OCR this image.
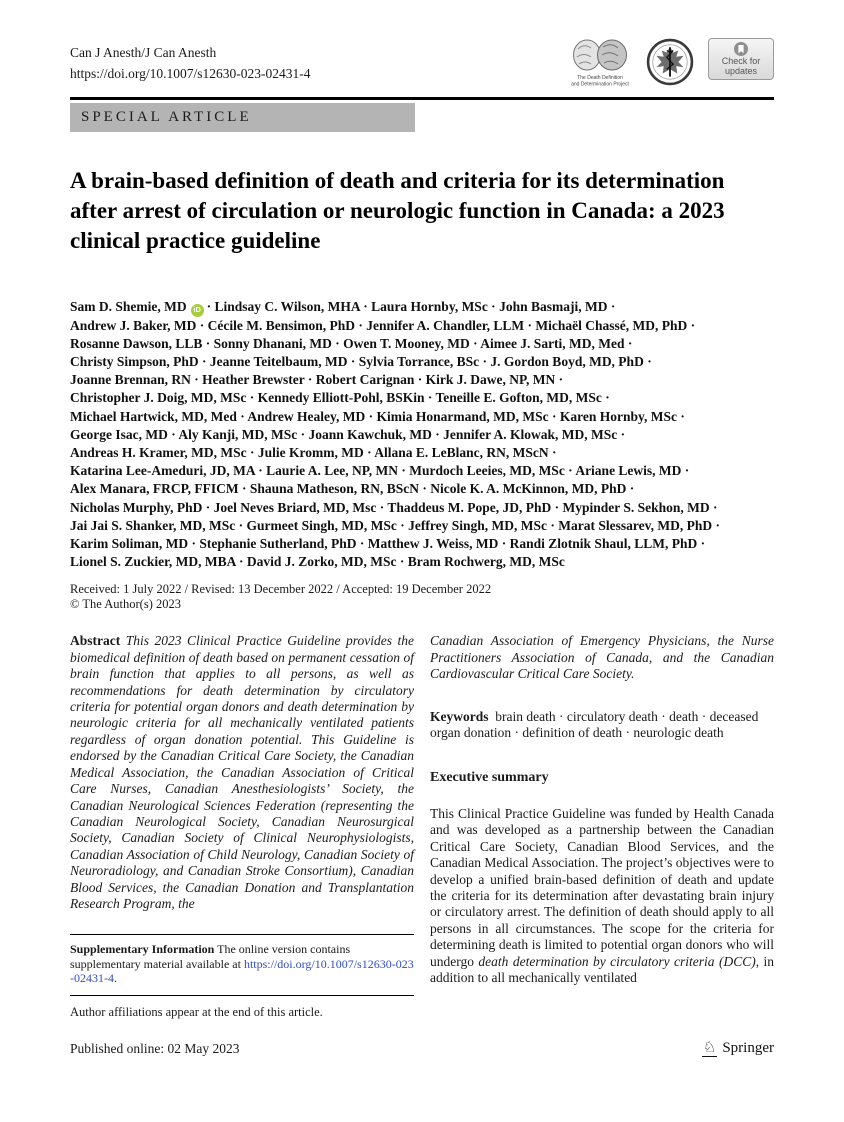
Can J Anesth/J Can Anesth
https://doi.org/10.1007/s12630-023-02431-4	The Death Definition
and Determination Project
Check for
updates
SPECIAL ARTICLE
A brain-based definition of death and criteria for its determination after arrest of circulation or neurologic function in Canada: a 2023 clinical practice guideline
Sam D. Shemie, MD iD · Lindsay C. Wilson, MHA · Laura Hornby, MSc · John Basmaji, MD ·
Andrew J. Baker, MD · Cécile M. Bensimon, PhD · Jennifer A. Chandler, LLM · Michaël Chassé, MD, PhD ·
Rosanne Dawson, LLB · Sonny Dhanani, MD · Owen T. Mooney, MD · Aimee J. Sarti, MD, Med ·
Christy Simpson, PhD · Jeanne Teitelbaum, MD · Sylvia Torrance, BSc · J. Gordon Boyd, MD, PhD ·
Joanne Brennan, RN · Heather Brewster · Robert Carignan · Kirk J. Dawe, NP, MN ·
Christopher J. Doig, MD, MSc · Kennedy Elliott-Pohl, BSKin · Teneille E. Gofton, MD, MSc ·
Michael Hartwick, MD, Med · Andrew Healey, MD · Kimia Honarmand, MD, MSc · Karen Hornby, MSc ·
George Isac, MD · Aly Kanji, MD, MSc · Joann Kawchuk, MD · Jennifer A. Klowak, MD, MSc ·
Andreas H. Kramer, MD, MSc · Julie Kromm, MD · Allana E. LeBlanc, RN, MScN ·
Katarina Lee-Ameduri, JD, MA · Laurie A. Lee, NP, MN · Murdoch Leeies, MD, MSc · Ariane Lewis, MD ·
Alex Manara, FRCP, FFICM · Shauna Matheson, RN, BScN · Nicole K. A. McKinnon, MD, PhD ·
Nicholas Murphy, PhD · Joel Neves Briard, MD, Msc · Thaddeus M. Pope, JD, PhD · Mypinder S. Sekhon, MD ·
Jai Jai S. Shanker, MD, MSc · Gurmeet Singh, MD, MSc · Jeffrey Singh, MD, MSc · Marat Slessarev, MD, PhD ·
Karim Soliman, MD · Stephanie Sutherland, PhD · Matthew J. Weiss, MD · Randi Zlotnik Shaul, LLM, PhD ·
Lionel S. Zuckier, MD, MBA · David J. Zorko, MD, MSc · Bram Rochwerg, MD, MSc
Received: 1 July 2022 / Revised: 13 December 2022 / Accepted: 19 December 2022
© The Author(s) 2023

Abstract This 2023 Clinical Practice Guideline provides the biomedical definition of death based on permanent cessation of brain function that applies to all persons, as well as recommendations for death determination by circulatory criteria for potential organ donors and death determination by neurologic criteria for all mechanically ventilated patients regardless of organ donation potential. This Guideline is endorsed by the Canadian Critical Care Society, the Canadian Medical Association, the Canadian Association of Critical Care Nurses, Canadian Anesthesiologists’ Society, the Canadian Neurological Sciences Federation (representing the Canadian Neurological Society, Canadian Neurosurgical Society, Canadian Society of Clinical Neurophysiologists, Canadian Association of Child Neurology, Canadian Society of Neuroradiology, and Canadian Stroke Consortium), Canadian Blood Services, the Canadian Donation and Transplantation Research Program, the

Supplementary Information The online version contains supplementary material available at https://doi.org/10.1007/s12630-023-02431-4.
Author affiliations appear at the end of this article.

Canadian Association of Emergency Physicians, the Nurse Practitioners Association of Canada, and the Canadian Cardiovascular Critical Care Society.

Keywords brain death · circulatory death · death · deceased organ donation · definition of death · neurologic death

Executive summary

This Clinical Practice Guideline was funded by Health Canada and was developed as a partnership between the Canadian Critical Care Society, Canadian Blood Services, and the Canadian Medical Association. The project’s objectives were to develop a unified brain-based definition of death and update the criteria for its determination after devastating brain injury or circulatory arrest. The definition of death should apply to all persons in all circumstances. The scope for the criteria for determining death is limited to potential organ donors who will undergo death determination by circulatory criteria (DCC), in addition to all mechanically ventilated

Published online: 02 May 2023	♘ Springer
